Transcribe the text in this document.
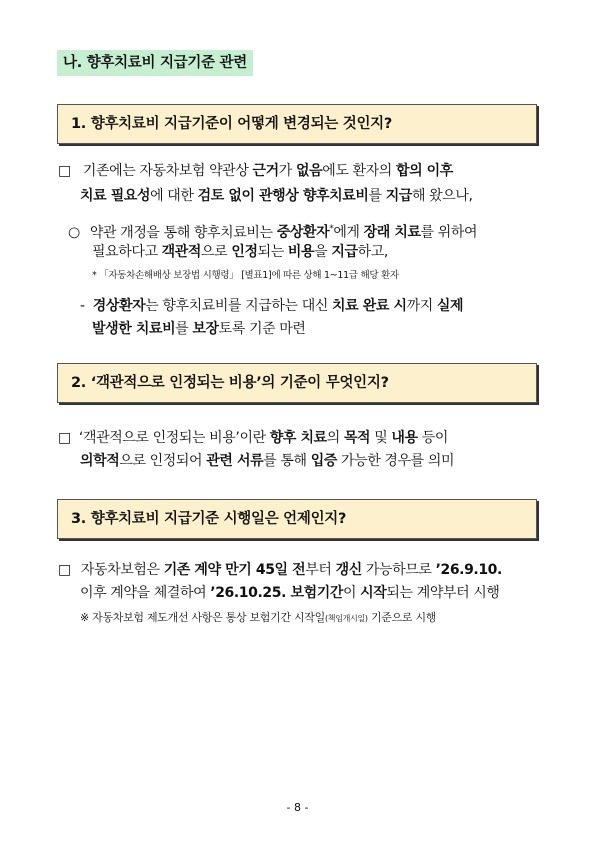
나. 향후치료비 지급기준 관련
1. 향후치료비 지급기준이 어떻게 변경되는 것인지?
□ 기존에는 자동차보험 약관상 근거가 없음에도 환자의 합의 이후
치료 필요성에 대한 검토 없이 관행상 향후치료비를 지급해 왔으나,
○ 약관 개정을 통해 향후치료비는 중상환자*에게 장래 치료를 위하여
필요하다고 객관적으로 인정되는 비용을 지급하고,
* 「자동차손해배상 보장법 시행령」 [별표1]에 따른 상해 1~11급 해당 환자
- 경상환자는 향후치료비를 지급하는 대신 치료 완료 시까지 실제
발생한 치료비를 보장토록 기준 마련
2. ‘객관적으로 인정되는 비용’의 기준이 무엇인지?
□ ‘객관적으로 인정되는 비용’이란 향후 치료의 목적 및 내용 등이
의학적으로 인정되어 관련 서류를 통해 입증 가능한 경우를 의미
3. 향후치료비 지급기준 시행일은 언제인지?
□ 자동차보험은 기존 계약 만기 45일 전부터 갱신 가능하므로 ’26.9.10.
이후 계약을 체결하여 ’26.10.25. 보험기간이 시작되는 계약부터 시행
※ 자동차보험 제도개선 사항은 통상 보험기간 시작일(책임개시일) 기준으로 시행
- 8 -
